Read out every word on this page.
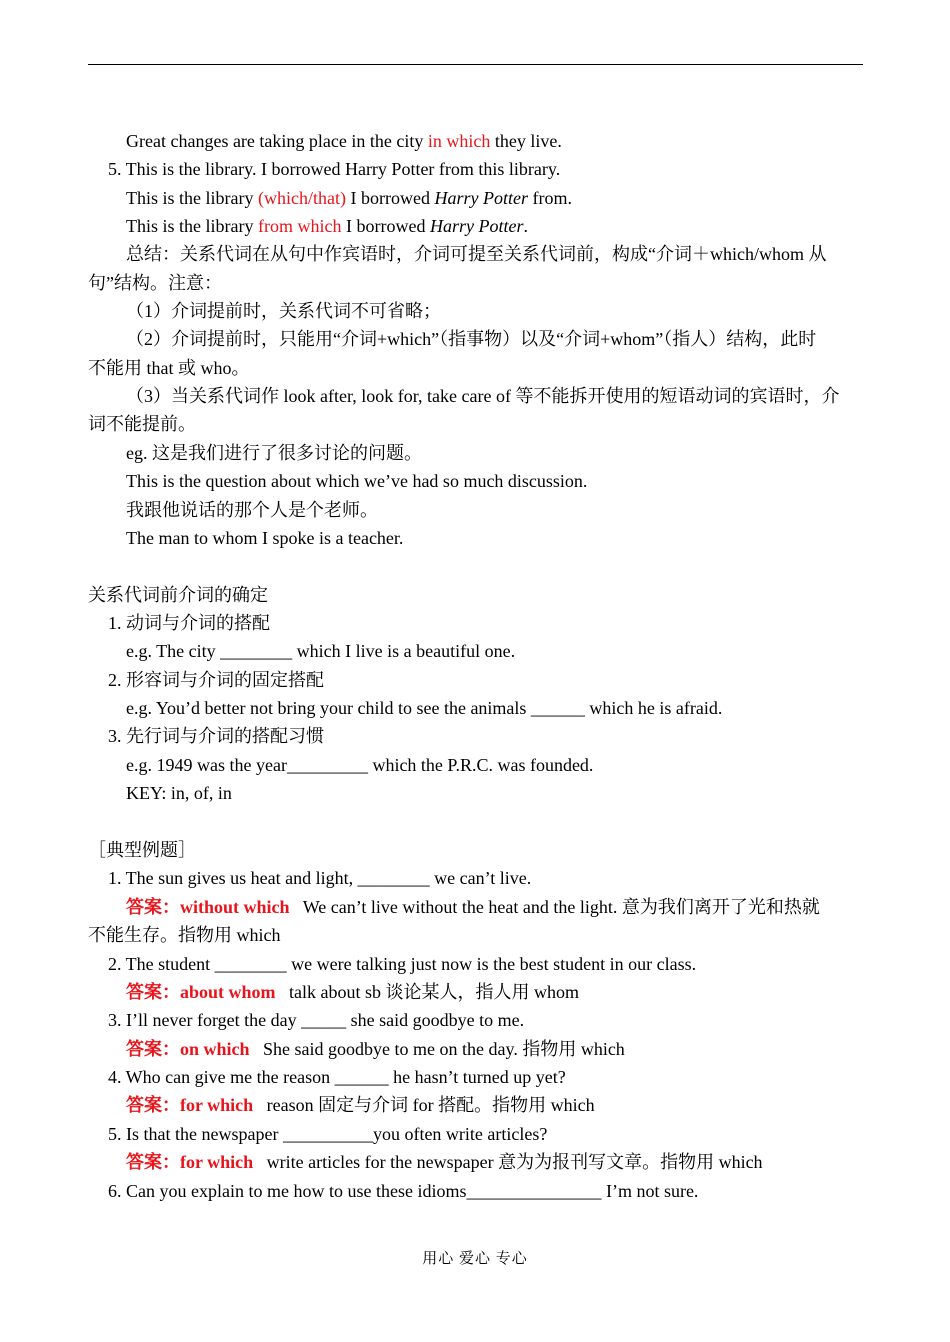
Great changes are taking place in the city in which they live.
5. This is the library. I borrowed Harry Potter from this library.
This is the library (which/that) I borrowed Harry Potter from.
This is the library from which I borrowed Harry Potter.
总结：关系代词在从句中作宾语时，介词可提至关系代词前，构成“介词＋which/whom 从
句”结构。注意：
（1）介词提前时，关系代词不可省略；
（2）介词提前时，只能用“介词+which”（指事物）以及“介词+whom”（指人）结构，此时
不能用 that 或 who。
（3）当关系代词作 look after, look for, take care of 等不能拆开使用的短语动词的宾语时，介
词不能提前。
eg. 这是我们进行了很多讨论的问题。
This is the question about which we’ve had so much discussion.
我跟他说话的那个人是个老师。
The man to whom I spoke is a teacher.
关系代词前介词的确定
1. 动词与介词的搭配
e.g. The city ________ which I live is a beautiful one.
2. 形容词与介词的固定搭配
e.g. You’d better not bring your child to see the animals ______ which he is afraid.
3. 先行词与介词的搭配习惯
e.g. 1949 was the year_________ which the P.R.C. was founded.
KEY: in, of, in
［典型例题］
1. The sun gives us heat and light, ________ we can’t live.
答案：without which   We can’t live without the heat and the light. 意为我们离开了光和热就
不能生存。指物用 which
2. The student ________ we were talking just now is the best student in our class.
答案：about whom   talk about sb 谈论某人，指人用 whom
3. I’ll never forget the day _____ she said goodbye to me.
答案：on which   She said goodbye to me on the day. 指物用 which
4. Who can give me the reason ______ he hasn’t turned up yet?
答案：for which   reason 固定与介词 for 搭配。指物用 which
5. Is that the newspaper __________you often write articles?
答案：for which   write articles for the newspaper 意为为报刊写文章。指物用 which
6. Can you explain to me how to use these idioms_______________ I’m not sure.
用心 爱心 专心
